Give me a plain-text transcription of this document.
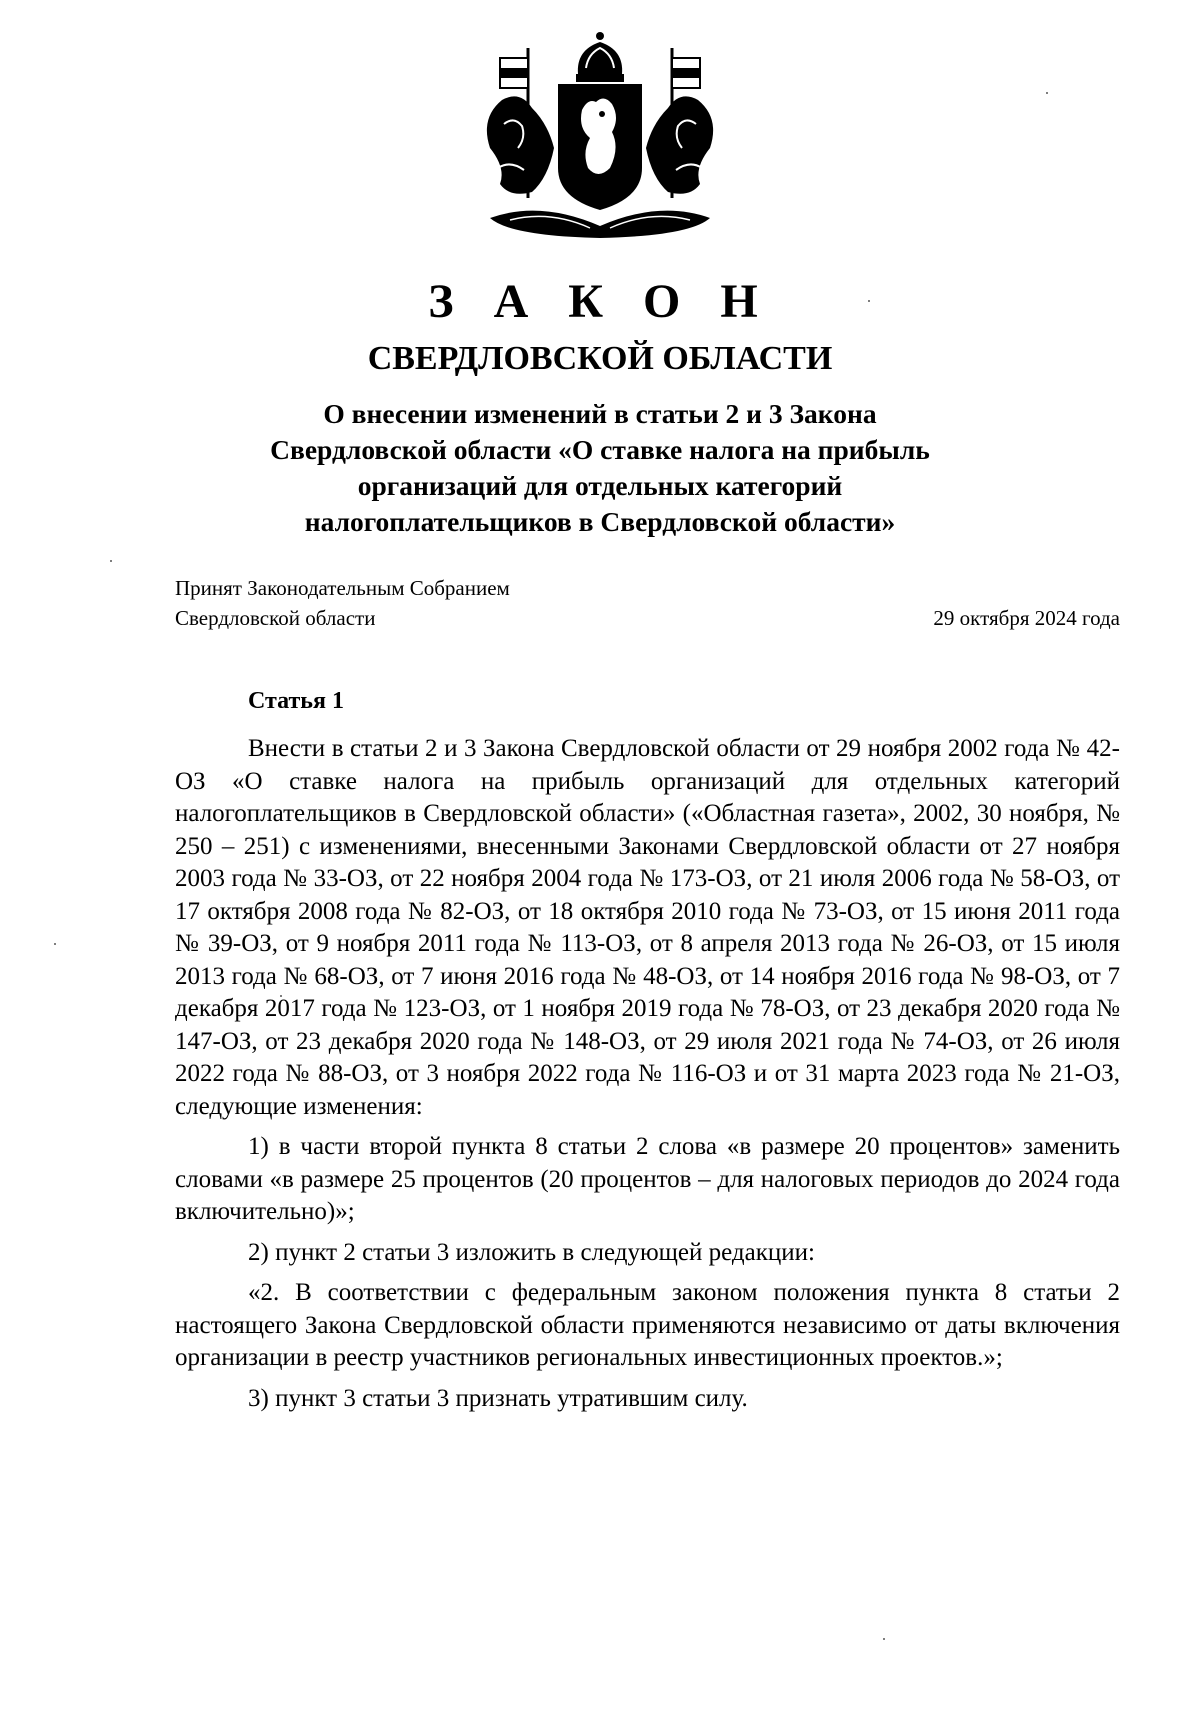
З А К О Н
СВЕРДЛОВСКОЙ ОБЛАСТИ
О внесении изменений в статьи 2 и 3 Закона Свердловской области «О ставке налога на прибыль организаций для отдельных категорий налогоплательщиков в Свердловской области»
Принят Законодательным Собранием
Свердловской области	29 октября 2024 года
Статья 1

Внести в статьи 2 и 3 Закона Свердловской области от 29 ноября 2002 года № 42-ОЗ «О ставке налога на прибыль организаций для отдельных категорий налогоплательщиков в Свердловской области» («Областная газета», 2002, 30 ноября, № 250 – 251) с изменениями, внесенными Законами Свердловской области от 27 ноября 2003 года № 33-ОЗ, от 22 ноября 2004 года № 173-ОЗ, от 21 июля 2006 года № 58-ОЗ, от 17 октября 2008 года № 82-ОЗ, от 18 октября 2010 года № 73-ОЗ, от 15 июня 2011 года № 39-ОЗ, от 9 ноября 2011 года № 113-ОЗ, от 8 апреля 2013 года № 26-ОЗ, от 15 июля 2013 года № 68-ОЗ, от 7 июня 2016 года № 48-ОЗ, от 14 ноября 2016 года № 98-ОЗ, от 7 декабря 2017 года № 123-ОЗ, от 1 ноября 2019 года № 78-ОЗ, от 23 декабря 2020 года № 147-ОЗ, от 23 декабря 2020 года № 148-ОЗ, от 29 июля 2021 года № 74-ОЗ, от 26 июля 2022 года № 88-ОЗ, от 3 ноября 2022 года № 116-ОЗ и от 31 марта 2023 года № 21-ОЗ, следующие изменения:

1) в части второй пункта 8 статьи 2 слова «в размере 20 процентов» заменить словами «в размере 25 процентов (20 процентов – для налоговых периодов до 2024 года включительно)»;

2) пункт 2 статьи 3 изложить в следующей редакции:

«2. В соответствии с федеральным законом положения пункта 8 статьи 2 настоящего Закона Свердловской области применяются независимо от даты включения организации в реестр участников региональных инвестиционных проектов.»;

3) пункт 3 статьи 3 признать утратившим силу.
